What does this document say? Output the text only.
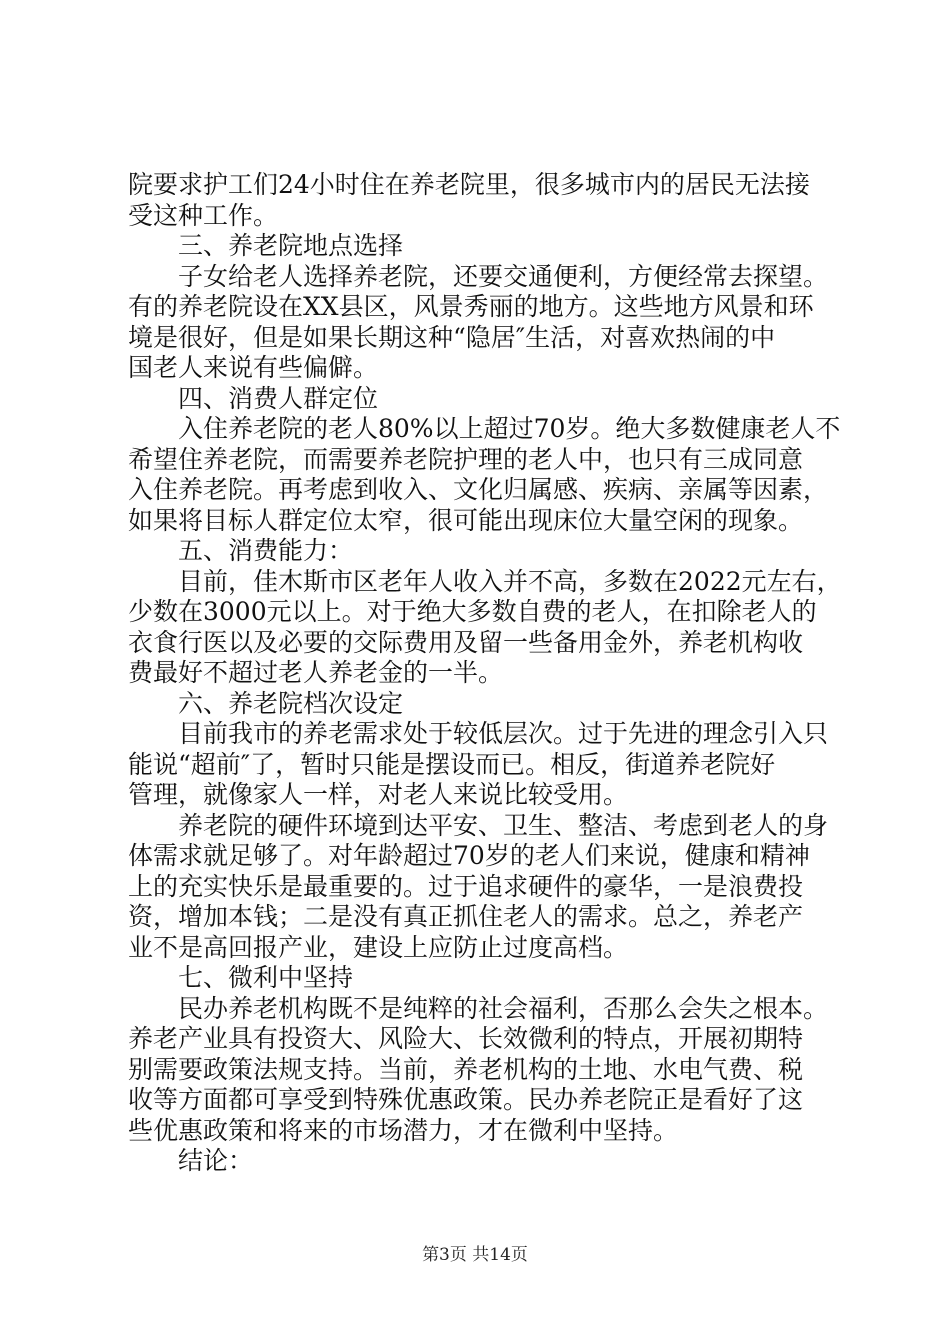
院要求护工们24小时住在养老院里，很多城市内的居民无法接
受这种工作。
三、养老院地点选择
子女给老人选择养老院，还要交通便利，方便经常去探望。
有的养老院设在XX县区，风景秀丽的地方。这些地方风景和环
境是很好，但是如果长期这种“隐居″生活，对喜欢热闹的中
国老人来说有些偏僻。
四、消费人群定位
入住养老院的老人80%以上超过70岁。绝大多数健康老人不
希望住养老院，而需要养老院护理的老人中，也只有三成同意
入住养老院。再考虑到收入、文化归属感、疾病、亲属等因素，
如果将目标人群定位太窄，很可能出现床位大量空闲的现象。
五、消费能力：
目前，佳木斯市区老年人收入并不高，多数在2022元左右，
少数在3000元以上。对于绝大多数自费的老人，在扣除老人的
衣食行医以及必要的交际费用及留一些备用金外，养老机构收
费最好不超过老人养老金的一半。
六、养老院档次设定
目前我市的养老需求处于较低层次。过于先进的理念引入只
能说“超前″了，暂时只能是摆设而已。相反，街道养老院好
管理，就像家人一样，对老人来说比较受用。
养老院的硬件环境到达平安、卫生、整洁、考虑到老人的身
体需求就足够了。对年龄超过70岁的老人们来说，健康和精神
上的充实快乐是最重要的。过于追求硬件的豪华，一是浪费投
资，增加本钱；二是没有真正抓住老人的需求。总之，养老产
业不是高回报产业，建设上应防止过度高档。
七、微利中坚持
民办养老机构既不是纯粹的社会福利，否那么会失之根本。
养老产业具有投资大、风险大、长效微利的特点，开展初期特
别需要政策法规支持。当前，养老机构的土地、水电气费、税
收等方面都可享受到特殊优惠政策。民办养老院正是看好了这
些优惠政策和将来的市场潜力，才在微利中坚持。
结论：
第3页 共14页
